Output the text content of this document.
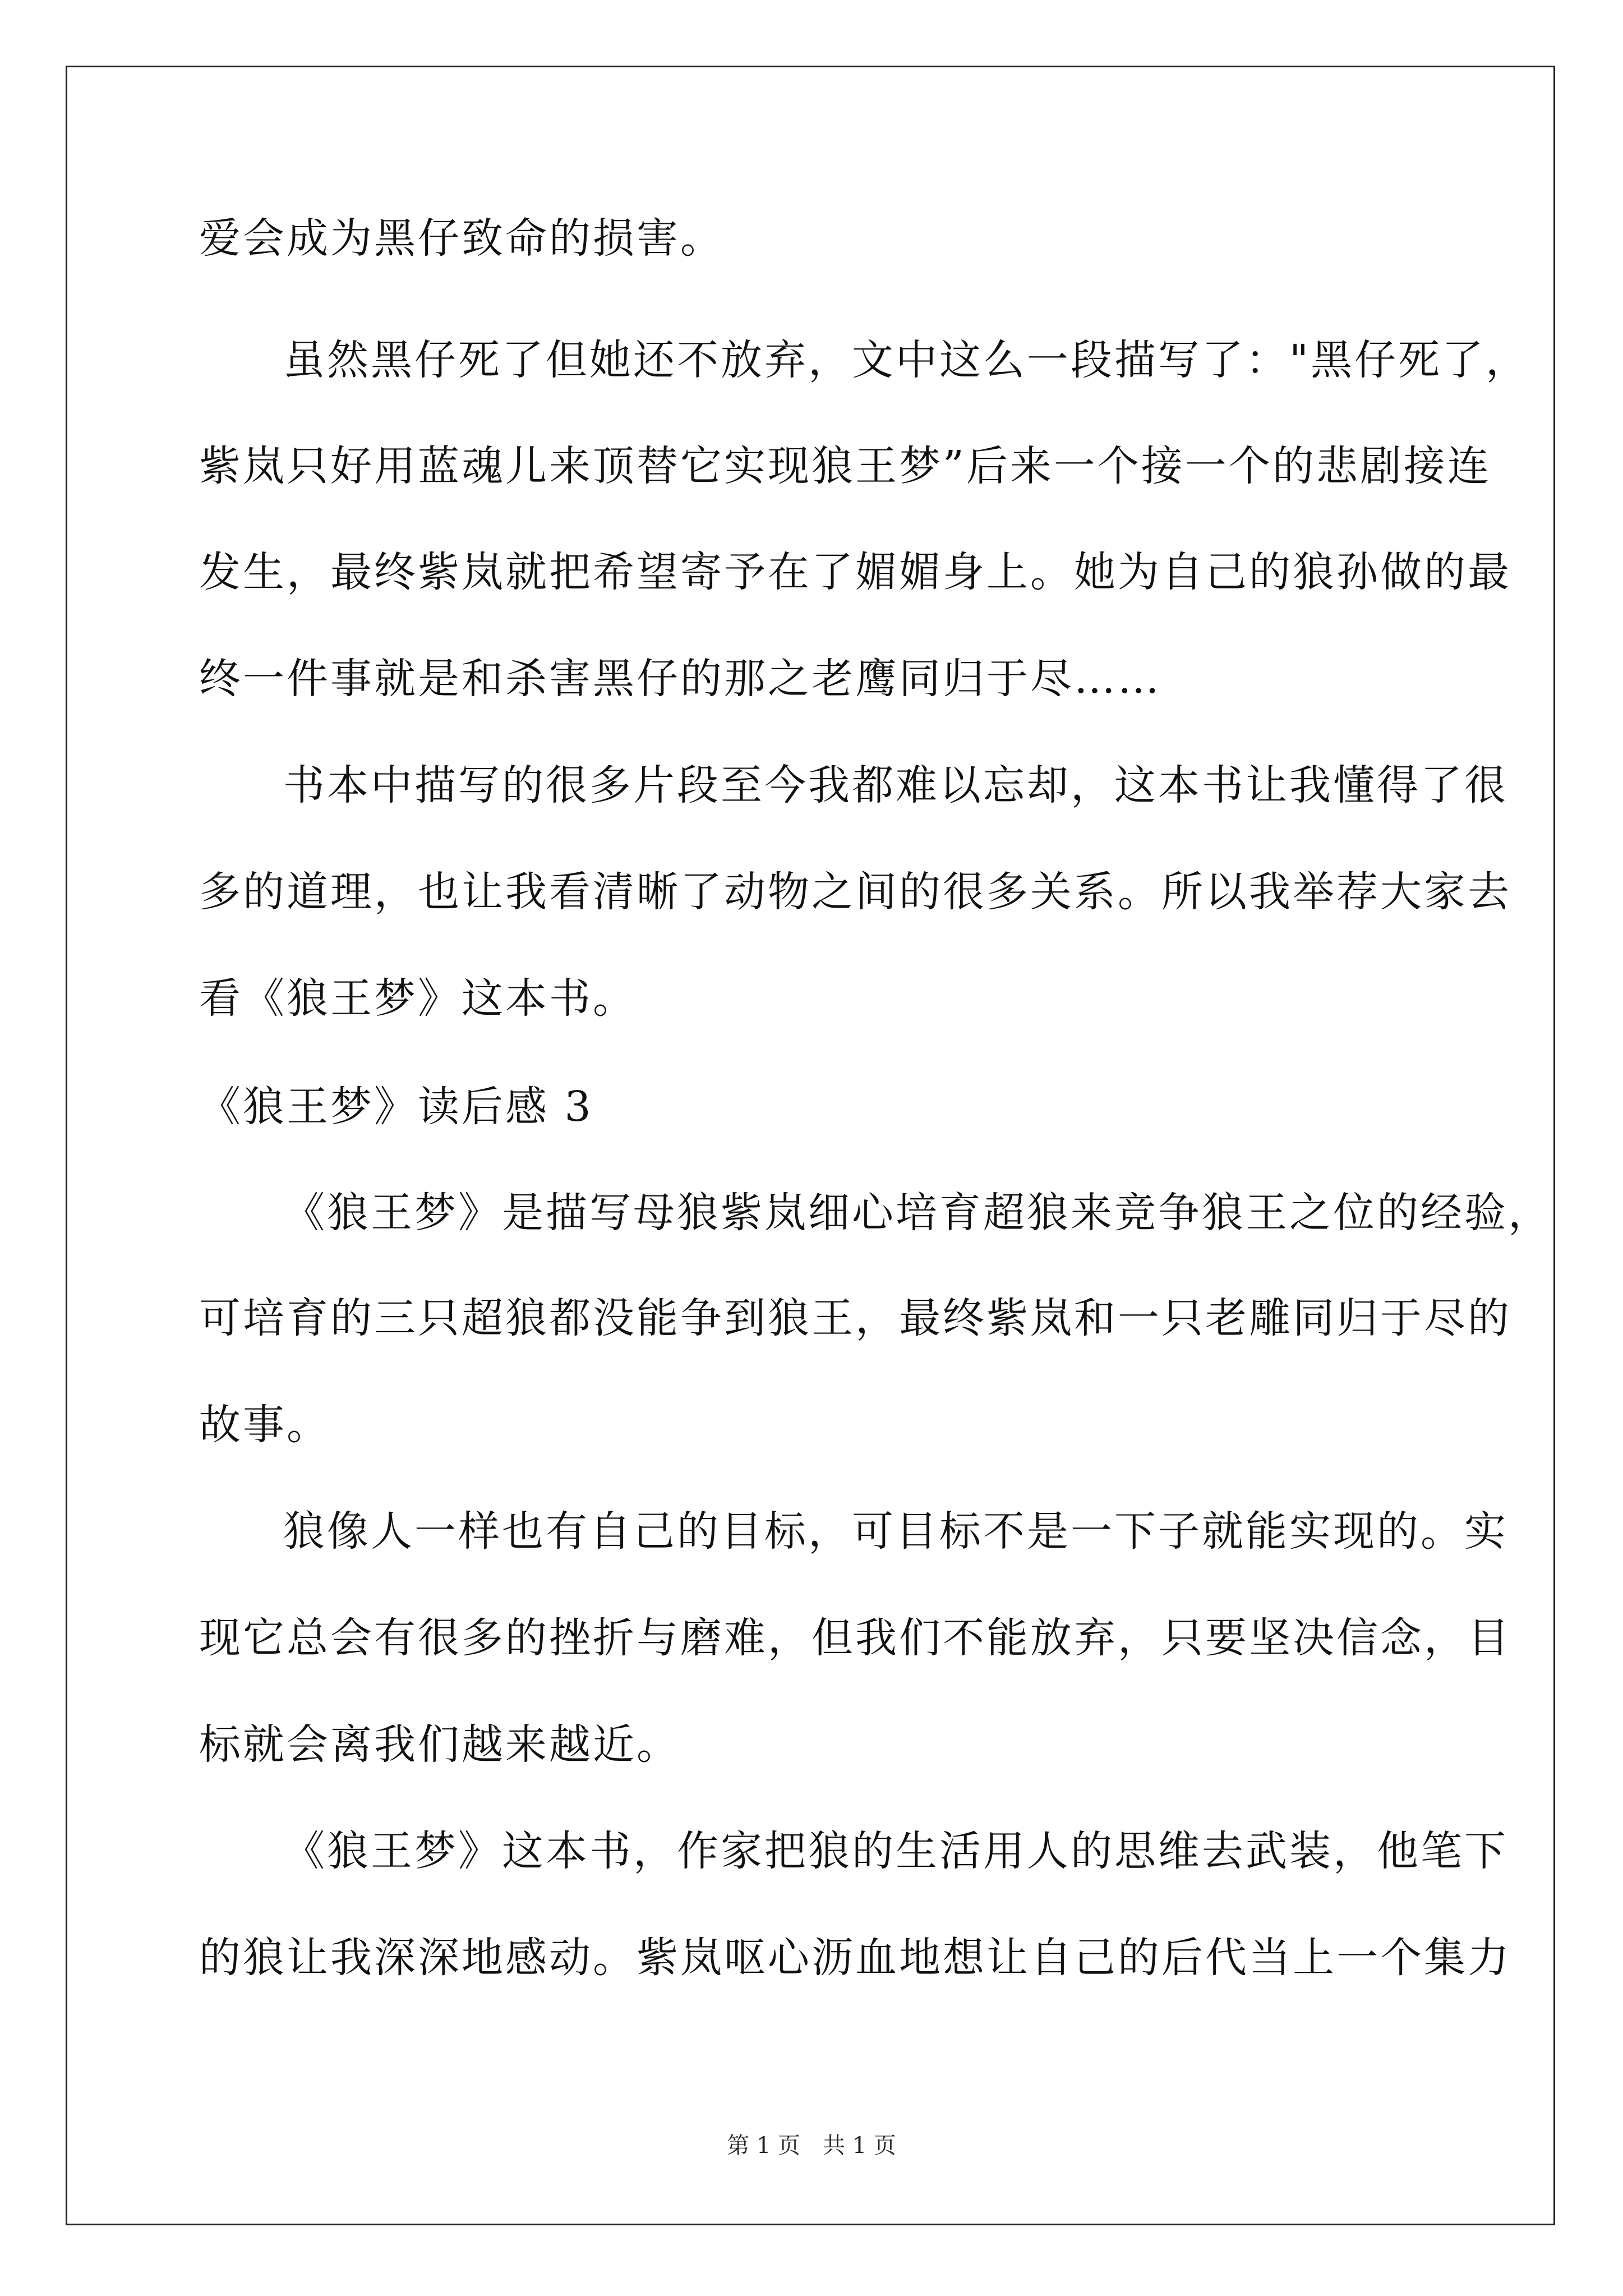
爱会成为黑仔致命的损害。
虽然黑仔死了但她还不放弃，文中这么一段描写了："黑仔死了，
紫岚只好用蓝魂儿来顶替它实现狼王梦”后来一个接一个的悲剧接连
发生，最终紫岚就把希望寄予在了媚媚身上。她为自己的狼孙做的最
终一件事就是和杀害黑仔的那之老鹰同归于尽……
书本中描写的很多片段至今我都难以忘却，这本书让我懂得了很
多的道理，也让我看清晰了动物之间的很多关系。所以我举荐大家去
看《狼王梦》这本书。
《狼王梦》读后感 3
《狼王梦》是描写母狼紫岚细心培育超狼来竞争狼王之位的经验，
可培育的三只超狼都没能争到狼王，最终紫岚和一只老雕同归于尽的
故事。
狼像人一样也有自己的目标，可目标不是一下子就能实现的。实
现它总会有很多的挫折与磨难，但我们不能放弃，只要坚决信念，目
标就会离我们越来越近。
《狼王梦》这本书，作家把狼的生活用人的思维去武装，他笔下
的狼让我深深地感动。紫岚呕心沥血地想让自己的后代当上一个集力
第 1 页　共 1 页
